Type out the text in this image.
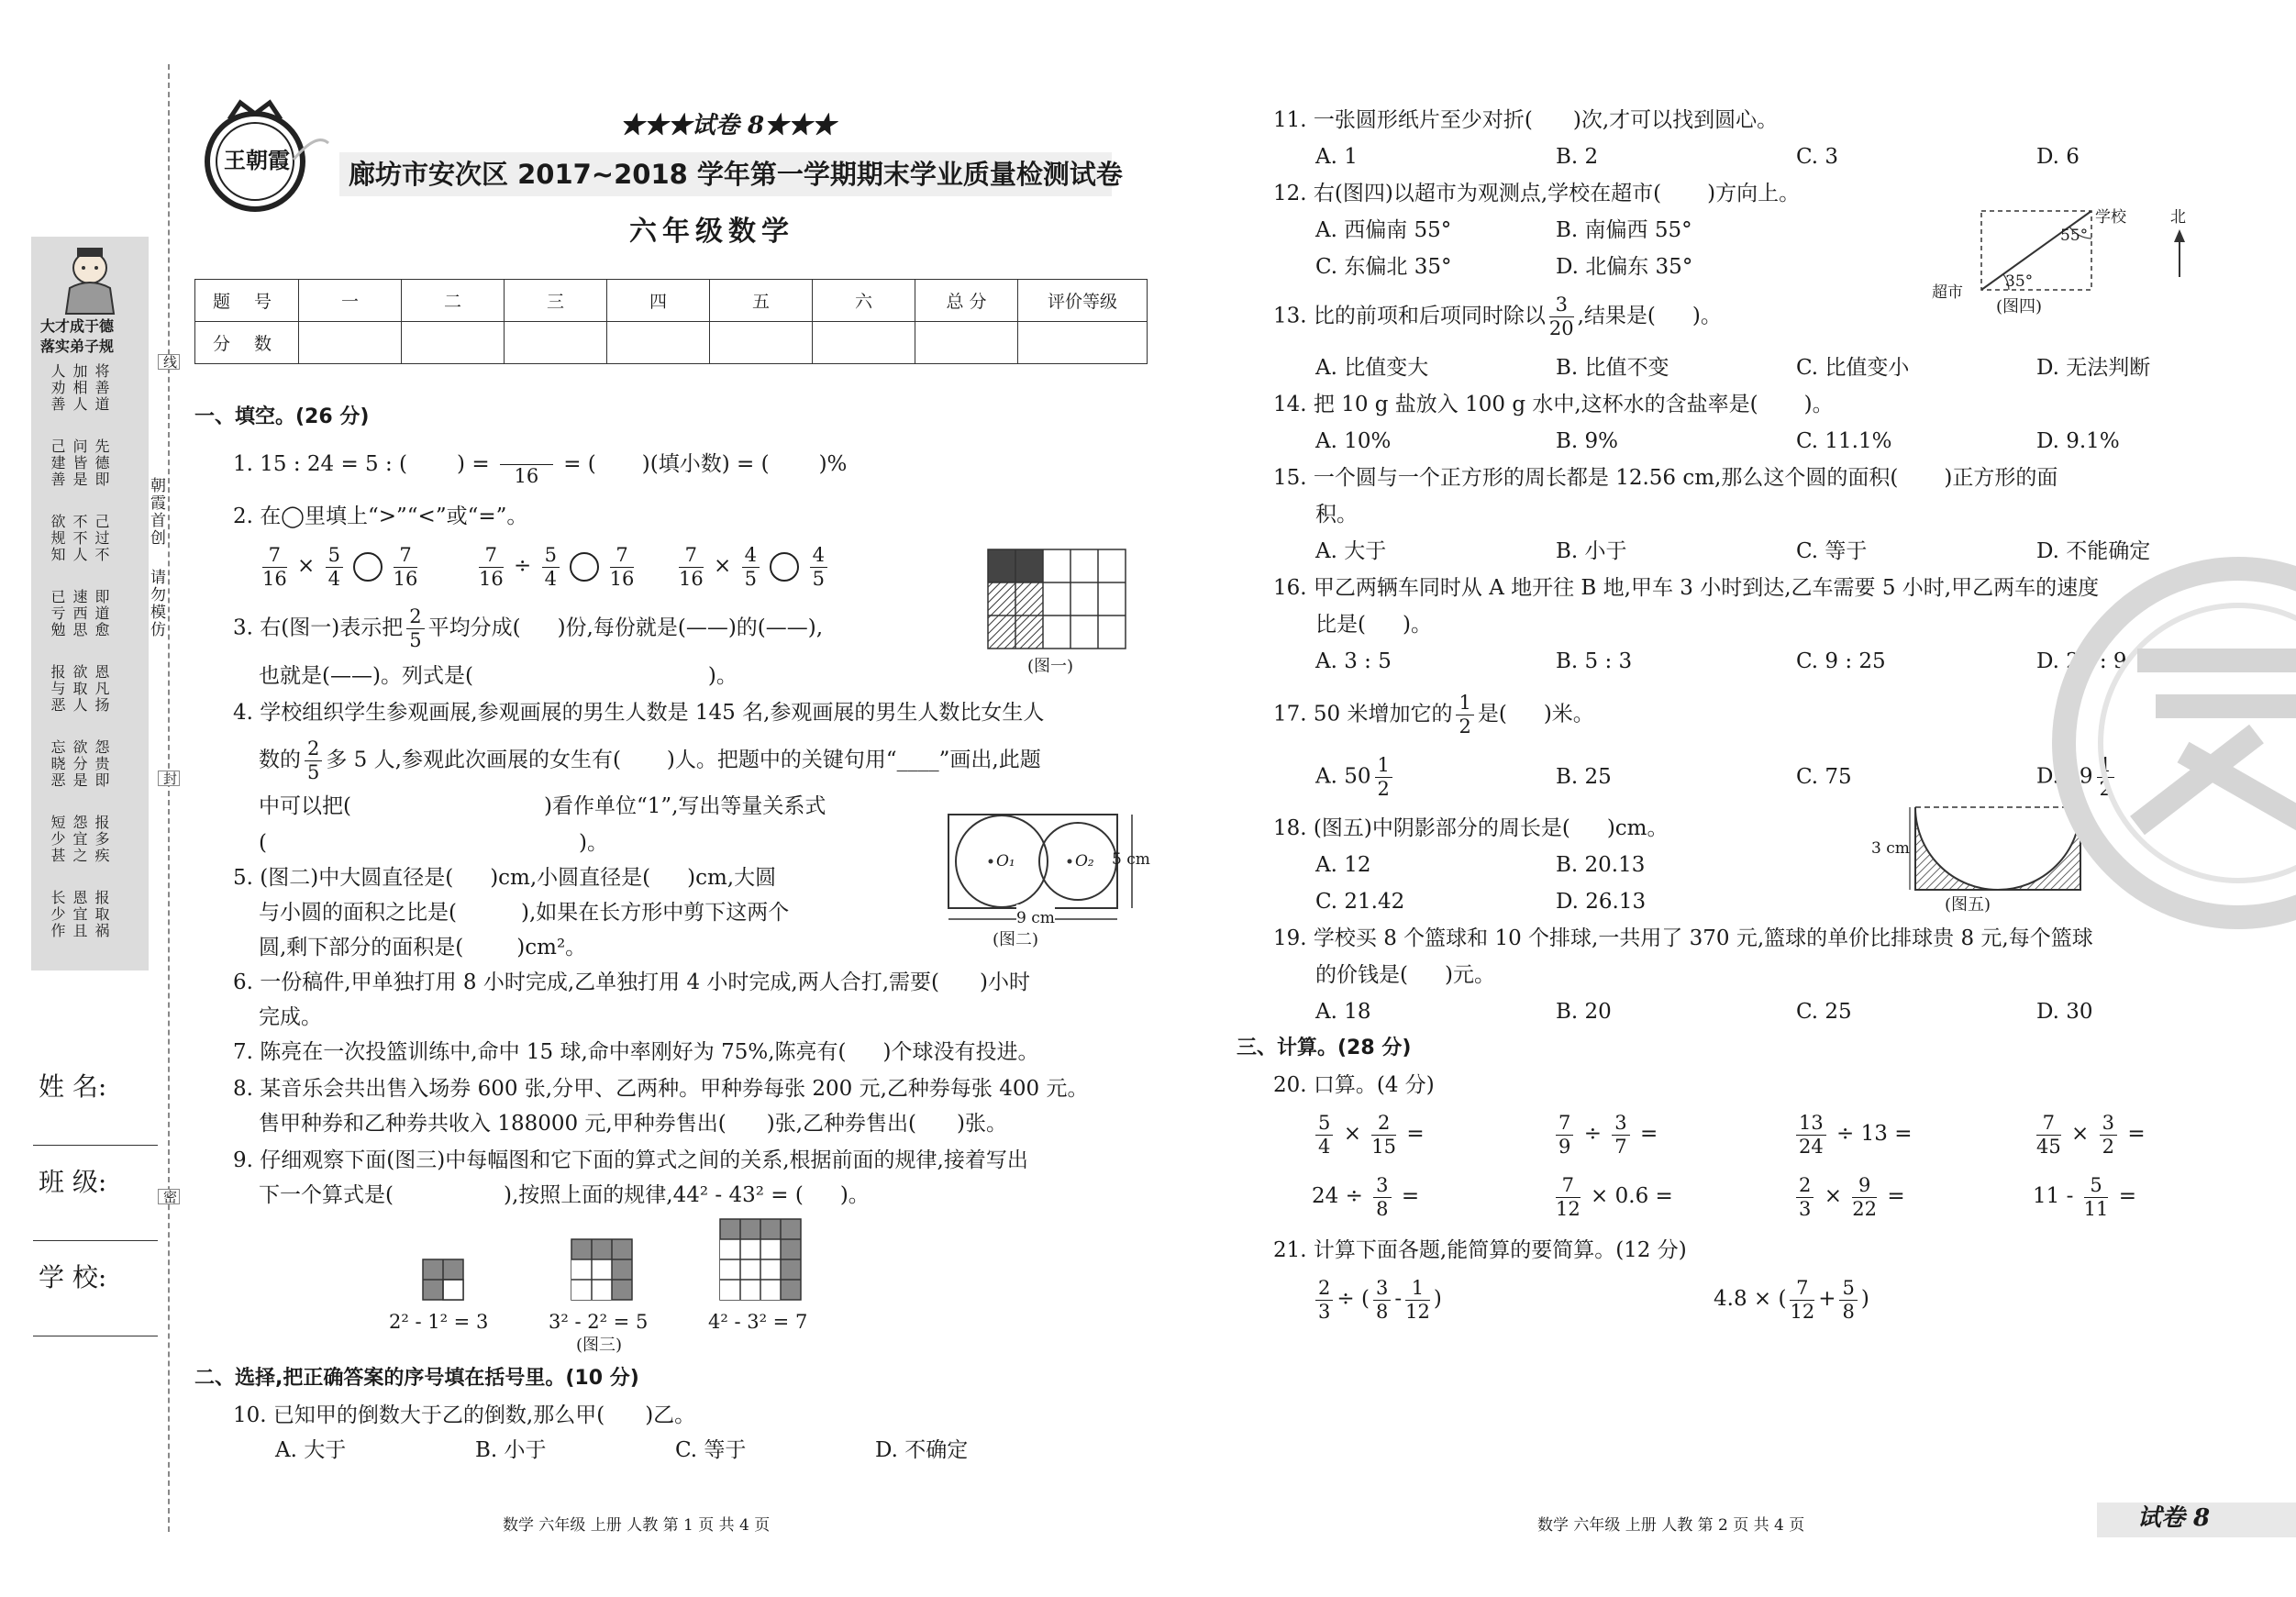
大才成于德
落实弟子规
将善道
加相人
人劝善
先德即
问皆是
己建善
己过不
不不人
欲规知
即道愈
速西思
已亏勉
恩凡扬
欲取人
报与恶
怨贵即
欲分是
忘晓恶
报多疾
怨宜之
短少甚
报取祸
恩宜且
长少作
姓 名:
班 级:
学 校:
线
封
密
朝霞首创
请勿模仿
王朝霞
★★★试卷 8★★★
廊坊市安次区 2017~2018 学年第一学期期末学业质量检测试卷
六年级数学
题 号	一	二	三	四	五	六	总 分	评价等级
分 数								
一、填空。(26 分)
1. 15 : 24 = 5 : ( ) =	16	= ( )(填小数) = ( )%
2. 在◯里填上“>”“<”或“=”。
$\frac{7}{16} \times \frac{5}{4}$
	$\frac{7}{16}$	$\frac{7}{16} \div \frac{5}{4}$
	$\frac{7}{16} \frac{7}{16} \times \frac{4}{5}$
	$\frac{4}{5}$
(图一)
3. 右(图一)表示把 $\frac{2}{5}$ 平均分成( )份,每份就是(——)的(——),
也就是(——)。列式是(	)。
4. 学校组织学生参观画展,参观画展的男生人数是 145 名,参观画展的男生人数比女生人
数的 $\frac{2}{5}$ 多 5 人,参观此次画展的女生有( )人。把题中的关键句用“____”画出,此题
中可以把(	)看作单位“1”,写出等量关系式
(	)。
O₁	O₂ 5 cm
9 cm
(图二)
5. (图二)中大圆直径是( )cm,小圆直径是( )cm,大圆
与小圆的面积之比是(	),如果在长方形中剪下这两个
圆,剩下部分的面积是(	)cm²。
6. 一份稿件,甲单独打用 8 小时完成,乙单独打用 4 小时完成,两人合打,需要( )小时
完成。
7. 陈亮在一次投篮训练中,命中 15 球,命中率刚好为 75%,陈亮有( )个球没有投进。
8. 某音乐会共出售入场券 600 张,分甲、乙两种。甲种券每张 200 元,乙种券每张 400 元。
售甲种券和乙种券共收入 188000 元,甲种券售出( )张,乙种券售出( )张。
9. 仔细观察下面(图三)中每幅图和它下面的算式之间的关系,根据前面的规律,接着写出
下一个算式是(	),按照上面的规律,44² - 43² = ( )。
2² - 1² = 3	3² - 2² = 5	4² - 3² = 7
(图三)
二、选择,把正确答案的序号填在括号里。(10 分)
10. 已知甲的倒数大于乙的倒数,那么甲( )乙。
A. 大于	B. 小于	C. 等于	D. 不确定
数学 六年级 上册 人教 第 1 页 共 4 页
11. 一张圆形纸片至少对折( )次,才可以找到圆心。
A. 1	B. 2	C. 3	D. 6
12. 右(图四)以超市为观测点,学校在超市( )方向上。
A. 西偏南 55°	B. 南偏西 55°
C. 东偏北 35°	D. 北偏东 35°
学校
超市
北
55°
35°
(图四)
13. 比的前项和后项同时除以 $\frac{3}{20}$ ,结果是( )。
A. 比值变大	B. 比值不变	C. 比值变小	D. 无法判断
14. 把 10 g 盐放入 100 g 水中,这杯水的含盐率是( )。
A. 10%	B. 9%	C. 11.1%	D. 9.1%
15. 一个圆与一个正方形的周长都是 12.56 cm,那么这个圆的面积( )正方形的面
积。
A. 大于	B. 小于	C. 等于	D. 不能确定
16. 甲乙两辆车同时从 A 地开往 B 地,甲车 3 小时到达,乙车需要 5 小时,甲乙两车的速度
比是( )。
A. 3 : 5	B. 5 : 3	C. 9 : 25	D. 25 : 9
17. 50 米增加它的 $\frac{1}{2}$ 是( )米。
A. $50 \frac{1}{2}$	B. 25	C. 75	D. $49 \frac{1}{2}$
18. (图五)中阴影部分的周长是( )cm。
A. 12	B. 20.13
C. 21.42	D. 26.13
3 cm
(图五)
19. 学校买 8 个篮球和 10 个排球,一共用了 370 元,篮球的单价比排球贵 8 元,每个篮球
的价钱是( )元。
A. 18	B. 20	C. 25	D. 30
三、计算。(28 分)
20. 口算。(4 分)
$\frac{5}{4} \times \frac{2}{15}$ =	$\frac{7}{9} \div \frac{3}{7}$ =	$\frac{13}{24} \div 13$ =	$\frac{7}{45} \times \frac{3}{2}$ =
$24 \div \frac{3}{8}$ =	$\frac{7}{12} \times 0.6$ =	$\frac{2}{3} \times \frac{9}{22}$ =	$11 - \frac{5}{11}$ =
21. 计算下面各题,能简算的要简算。(12 分)
$\frac{2}{3}$ ÷ ( $\frac{3}{8} - \frac{1}{12}$ )	4.8 × ( $\frac{7}{12} + \frac{5}{8}$ )
数学 六年级 上册 人教 第 2 页 共 4 页	试卷 8
